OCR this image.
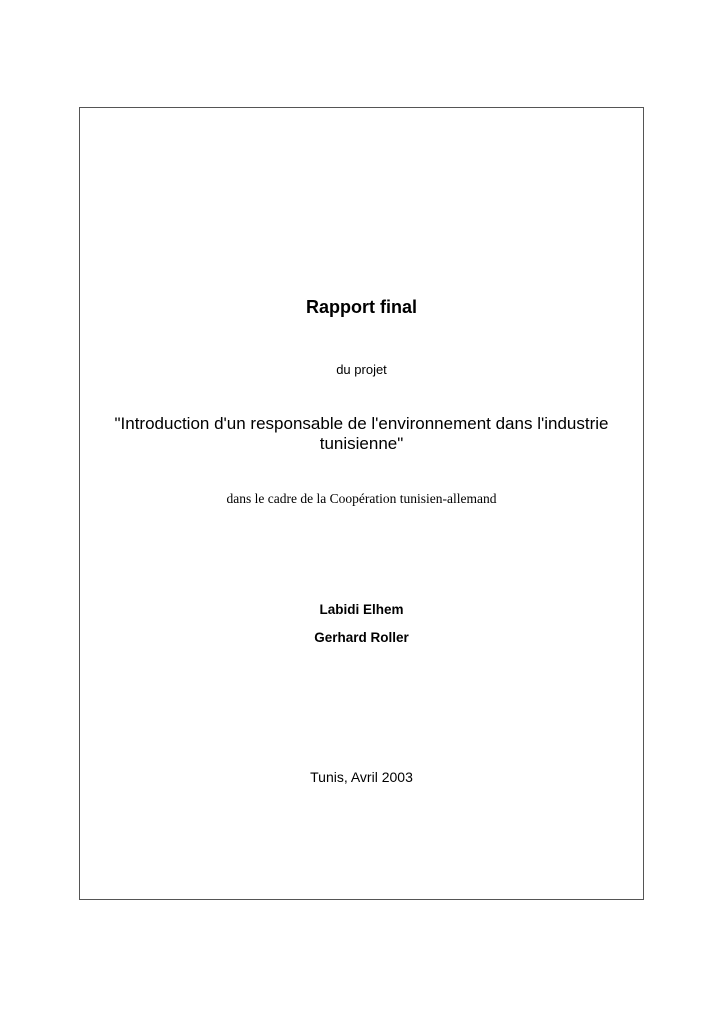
Rapport final
du projet
"Introduction d'un responsable de l'environnement dans l'industrie tunisienne"
dans le cadre de la Coopération tunisien-allemand
Labidi Elhem
Gerhard Roller
Tunis, Avril 2003
